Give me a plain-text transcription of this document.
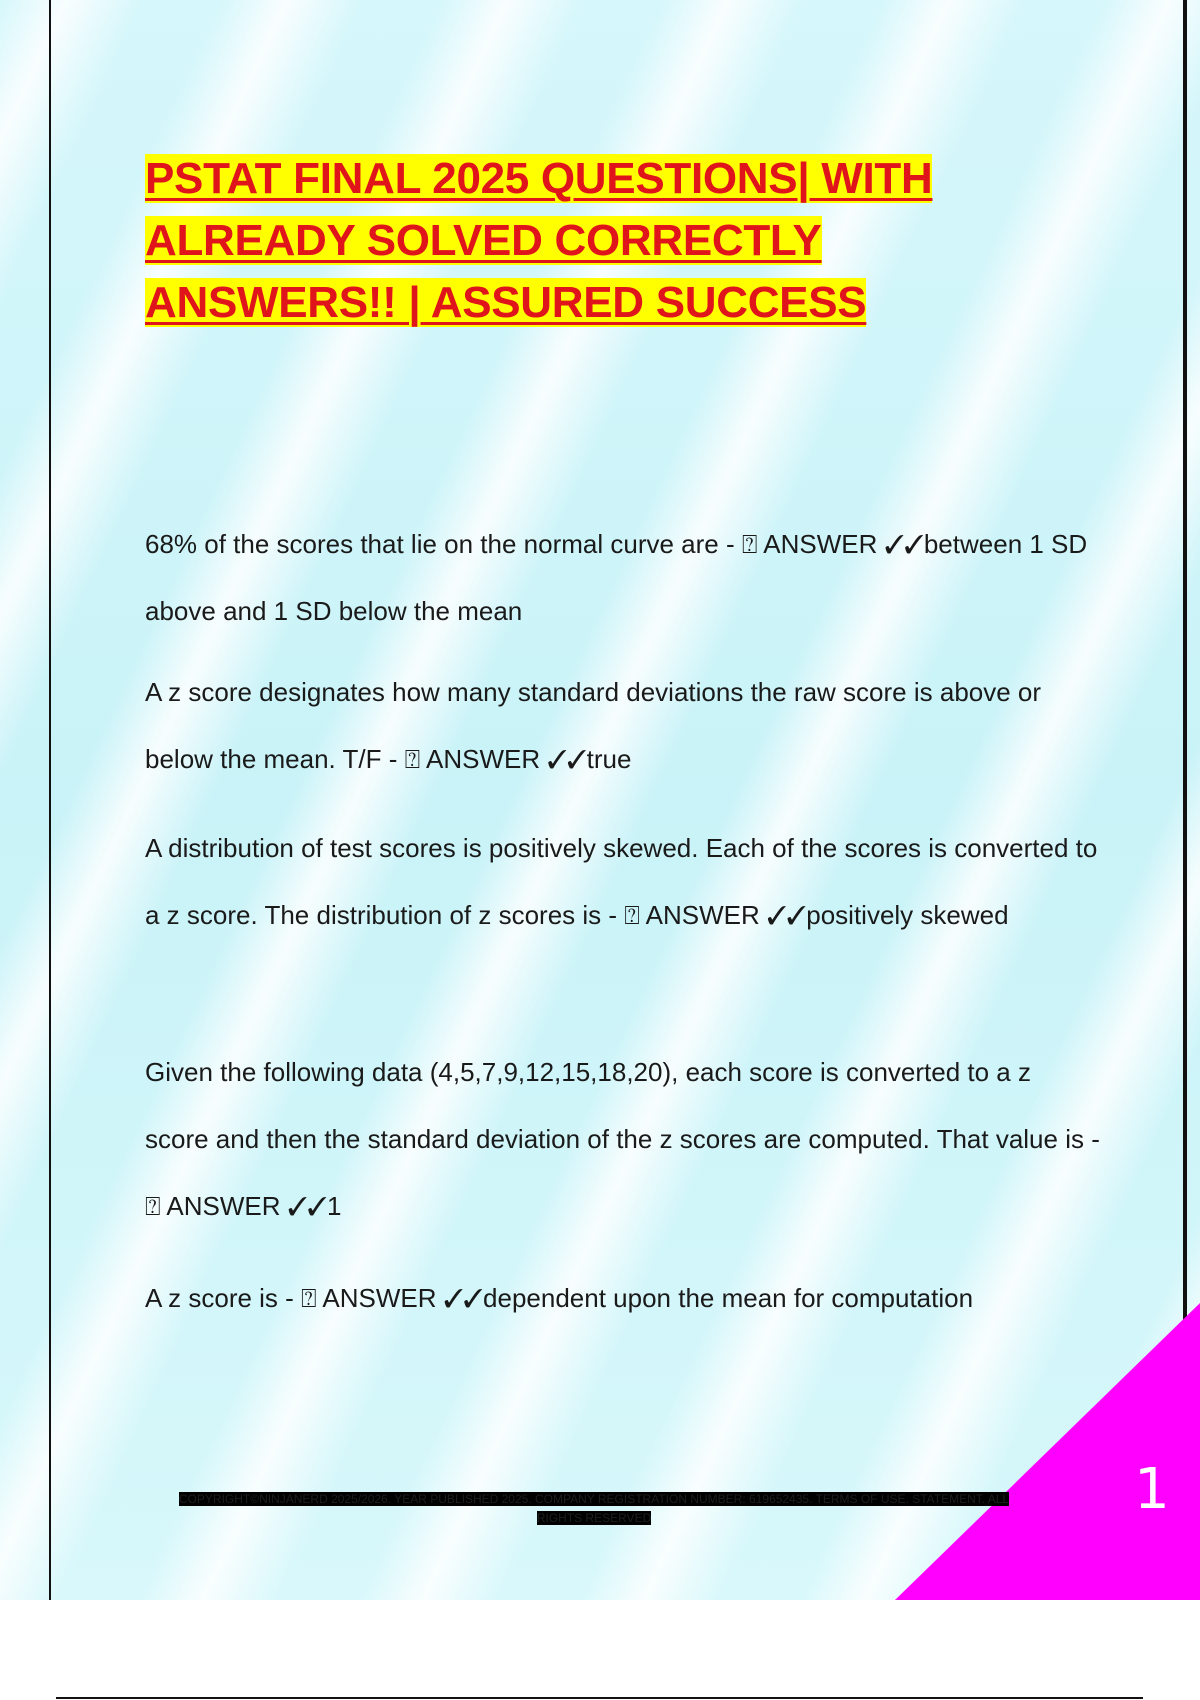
PSTAT FINAL 2025 QUESTIONS| WITH ALREADY SOLVED CORRECTLY ANSWERS!! | ASSURED SUCCESS

68% of the scores that lie on the normal curve are - ⍰ ANSWER ✓✓between 1 SD above and 1 SD below the mean

A z score designates how many standard deviations the raw score is above or below the mean. T/F - ⍰ ANSWER ✓✓true

A distribution of test scores is positively skewed. Each of the scores is converted to a z score. The distribution of z scores is - ⍰ ANSWER ✓✓positively skewed

Given the following data (4,5,7,9,12,15,18,20), each score is converted to a z score and then the standard deviation of the z scores are computed. That value is - ⍰ ANSWER ✓✓1

A z score is - ⍰ ANSWER ✓✓dependent upon the mean for computation

1
COPYRIGHT©NINJANERD 2025/2026. YEAR PUBLISHED 2025. COMPANY REGISTRATION NUMBER: 619652435. TERMS OF USE. STATEMENT. ALL RIGHTS RESERVED
